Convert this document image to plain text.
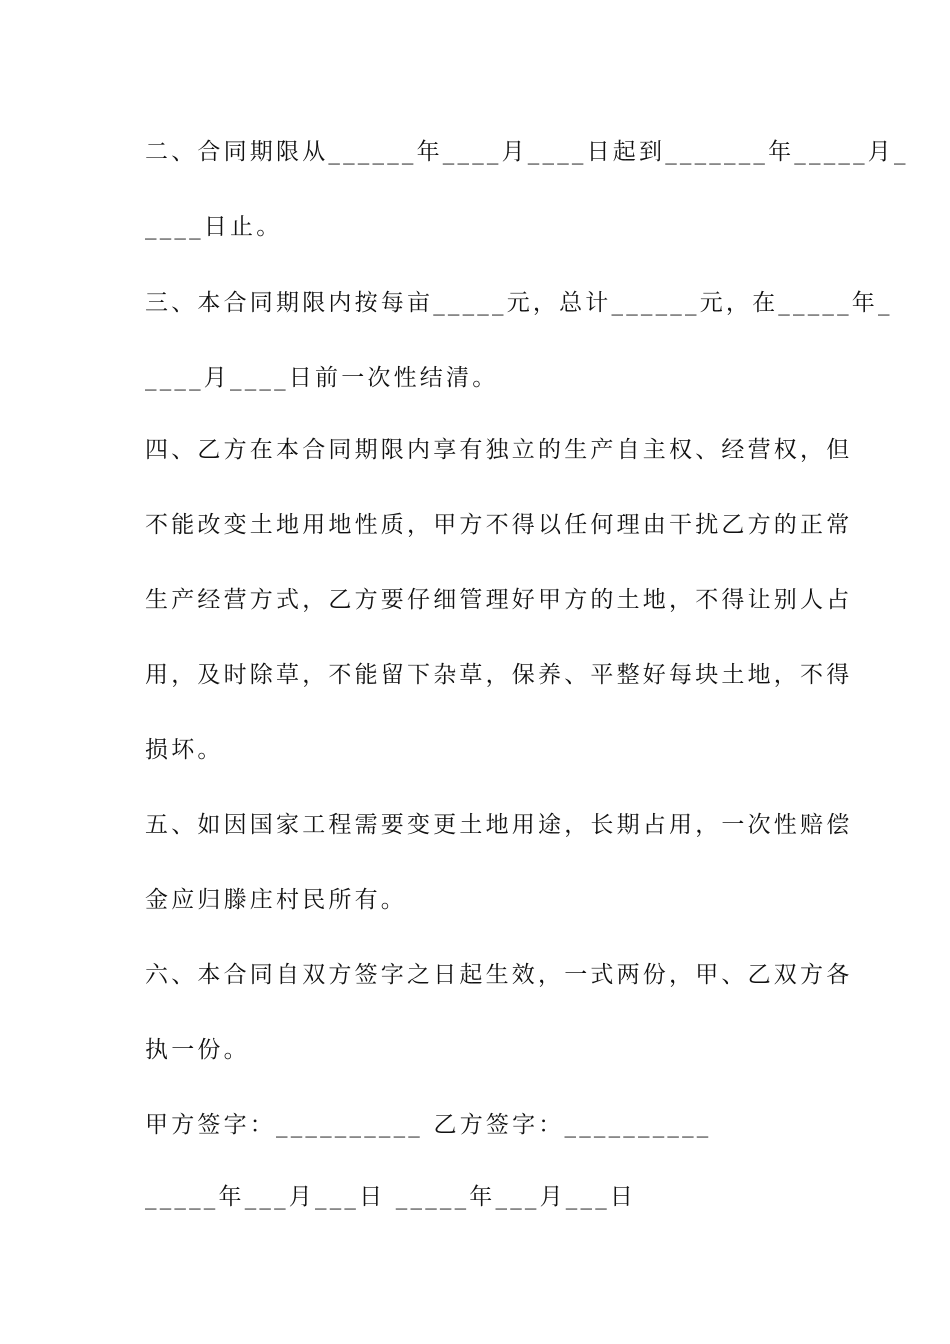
二、合同期限从______年____月____日起到_______年_____月_
____日止。
三、本合同期限内按每亩_____元，总计______元，在_____年_
____月____日前一次性结清。
四、乙方在本合同期限内享有独立的生产自主权、经营权，但
不能改变土地用地性质，甲方不得以任何理由干扰乙方的正常
生产经营方式，乙方要仔细管理好甲方的土地，不得让别人占
用，及时除草，不能留下杂草，保养、平整好每块土地，不得
损坏。
五、如因国家工程需要变更土地用途，长期占用，一次性赔偿
金应归滕庄村民所有。
六、本合同自双方签字之日起生效，一式两份，甲、乙双方各
执一份。
甲方签字：__________ 乙方签字：__________
_____年___月___日 _____年___月___日
